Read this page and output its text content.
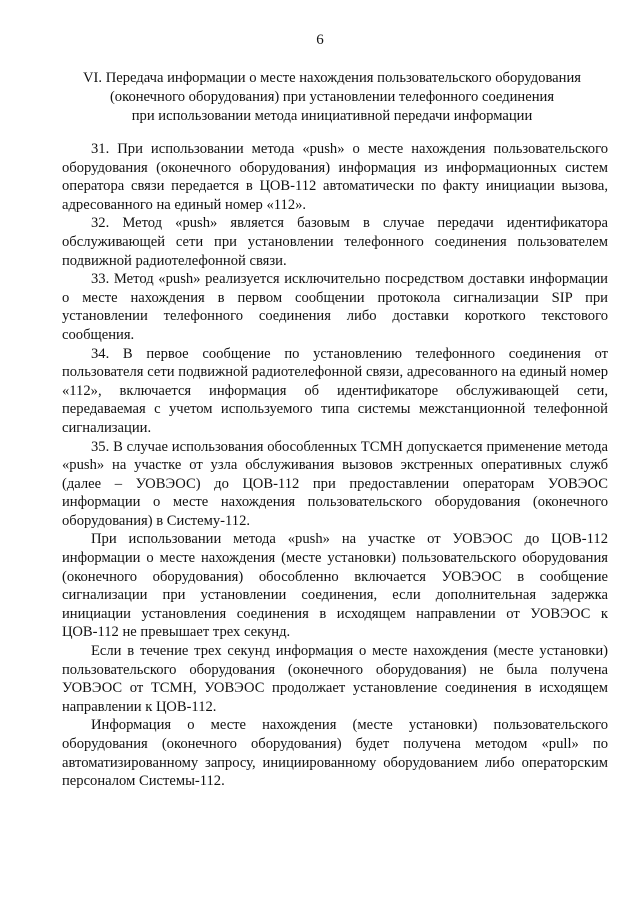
6
VI. Передача информации о месте нахождения пользовательского оборудования
(оконечного оборудования) при установлении телефонного соединения
при использовании метода инициативной передачи информации

31. При использовании метода «push» о месте нахождения пользовательского оборудования (оконечного оборудования) информация из информационных систем оператора связи передается в ЦОВ-112 автоматически по факту инициации вызова, адресованного на единый номер «112».

32. Метод «push» является базовым в случае передачи идентификатора обслуживающей сети при установлении телефонного соединения пользователем подвижной радиотелефонной связи.

33. Метод «push» реализуется исключительно посредством доставки информации о месте нахождения в первом сообщении протокола сигнализации SIP при установлении телефонного соединения либо доставки короткого текстового сообщения.

34. В первое сообщение по установлению телефонного соединения от пользователя сети подвижной радиотелефонной связи, адресованного на единый номер «112», включается информация об идентификаторе обслуживающей сети, передаваемая с учетом используемого типа системы межстанционной телефонной сигнализации.

35. В случае использования обособленных ТСМН допускается применение метода «push» на участке от узла обслуживания вызовов экстренных оперативных служб (далее – УОВЭОС) до ЦОВ-112 при предоставлении операторам УОВЭОС информации о месте нахождения пользовательского оборудования (оконечного оборудования) в Систему-112.

При использовании метода «push» на участке от УОВЭОС до ЦОВ-112 информации о месте нахождения (месте установки) пользовательского оборудования (оконечного оборудования) обособленно включается УОВЭОС в сообщение сигнализации при установлении соединения, если дополнительная задержка инициации установления соединения в исходящем направлении от УОВЭОС к ЦОВ-112 не превышает трех секунд.

Если в течение трех секунд информация о месте нахождения (месте установки) пользовательского оборудования (оконечного оборудования) не была получена УОВЭОС от ТСМН, УОВЭОС продолжает установление соединения в исходящем направлении к ЦОВ-112.

Информация о месте нахождения (месте установки) пользовательского оборудования (оконечного оборудования) будет получена методом «pull» по автоматизированному запросу, инициированному оборудованием либо операторским персоналом Системы-112.
